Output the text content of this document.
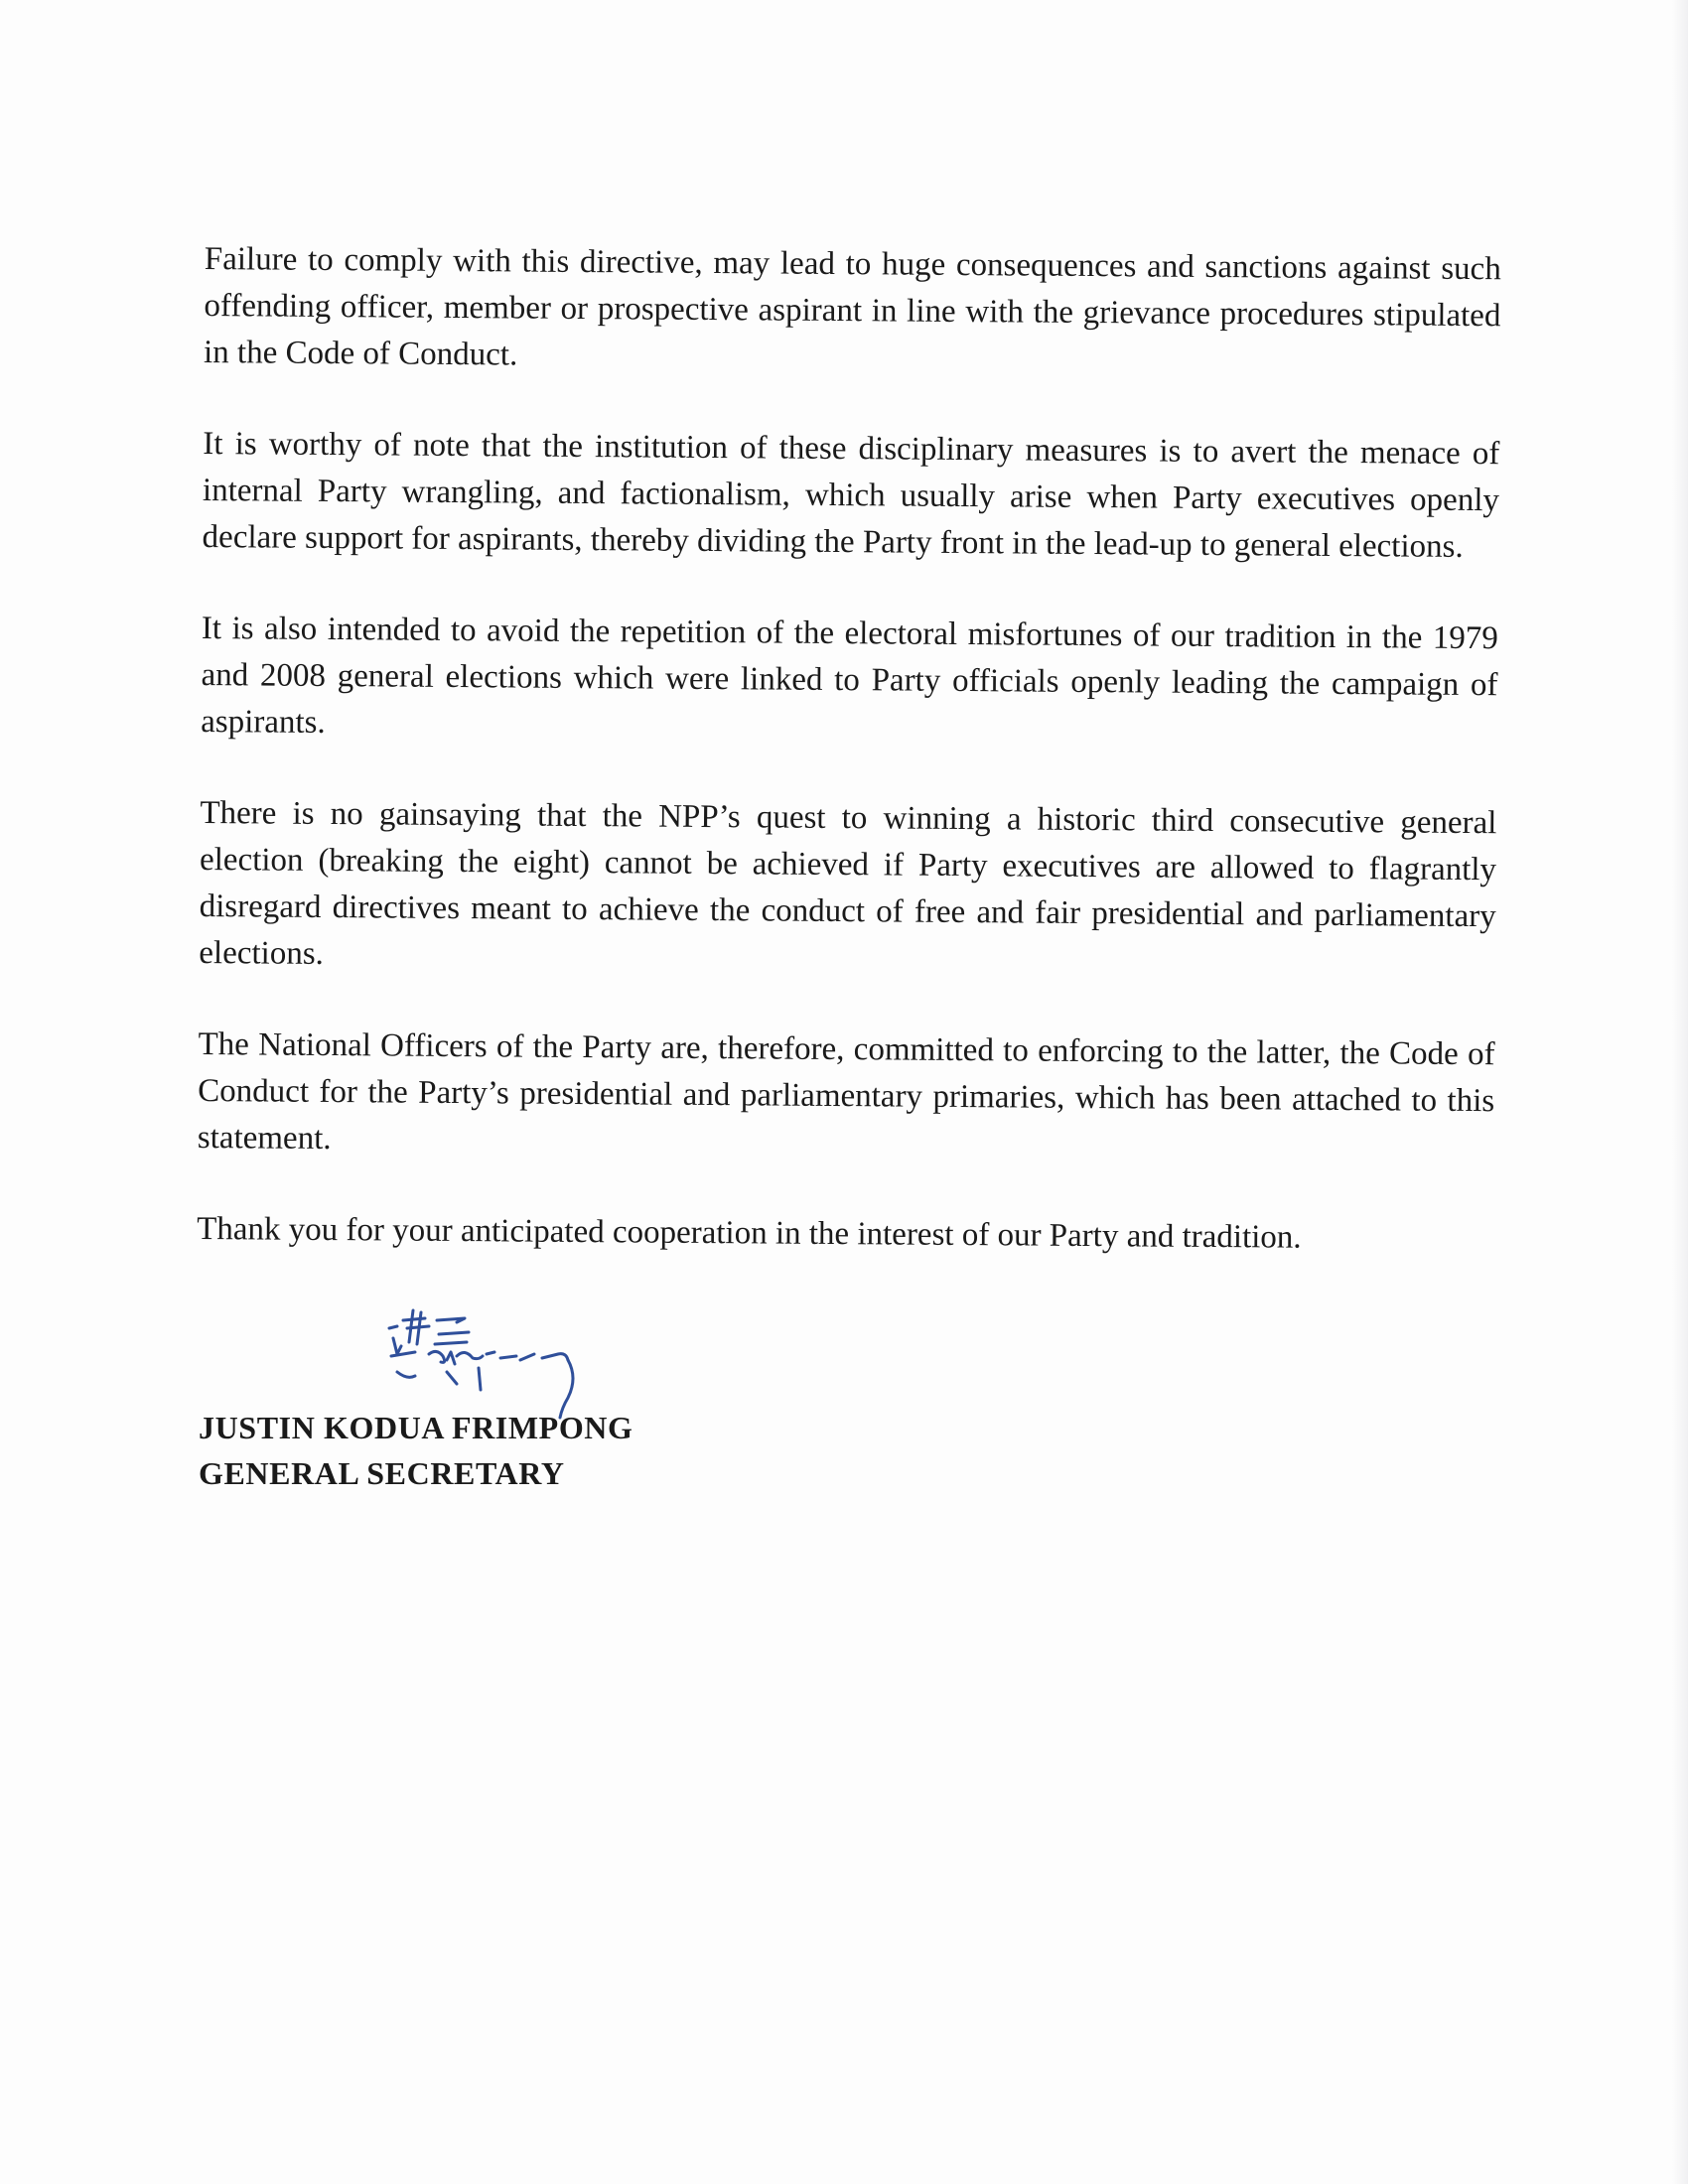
Failure to comply with this directive, may lead to huge consequences and sanctions against such offending officer, member or prospective aspirant in line with the grievance procedures stipulated in the Code of Conduct.

It is worthy of note that the institution of these disciplinary measures is to avert the menace of internal Party wrangling, and factionalism, which usually arise when Party executives openly declare support for aspirants, thereby dividing the Party front in the lead-up to general elections.

It is also intended to avoid the repetition of the electoral misfortunes of our tradition in the 1979 and 2008 general elections which were linked to Party officials openly leading the campaign of aspirants.

There is no gainsaying that the NPP’s quest to winning a historic third consecutive general election (breaking the eight) cannot be achieved if Party executives are allowed to flagrantly disregard directives meant to achieve the conduct of free and fair presidential and parliamentary elections.

The National Officers of the Party are, therefore, committed to enforcing to the latter, the Code of Conduct for the Party’s presidential and parliamentary primaries, which has been attached to this statement.

Thank you for your anticipated cooperation in the interest of our Party and tradition.

JUSTIN KODUA FRIMPONG

GENERAL SECRETARY
